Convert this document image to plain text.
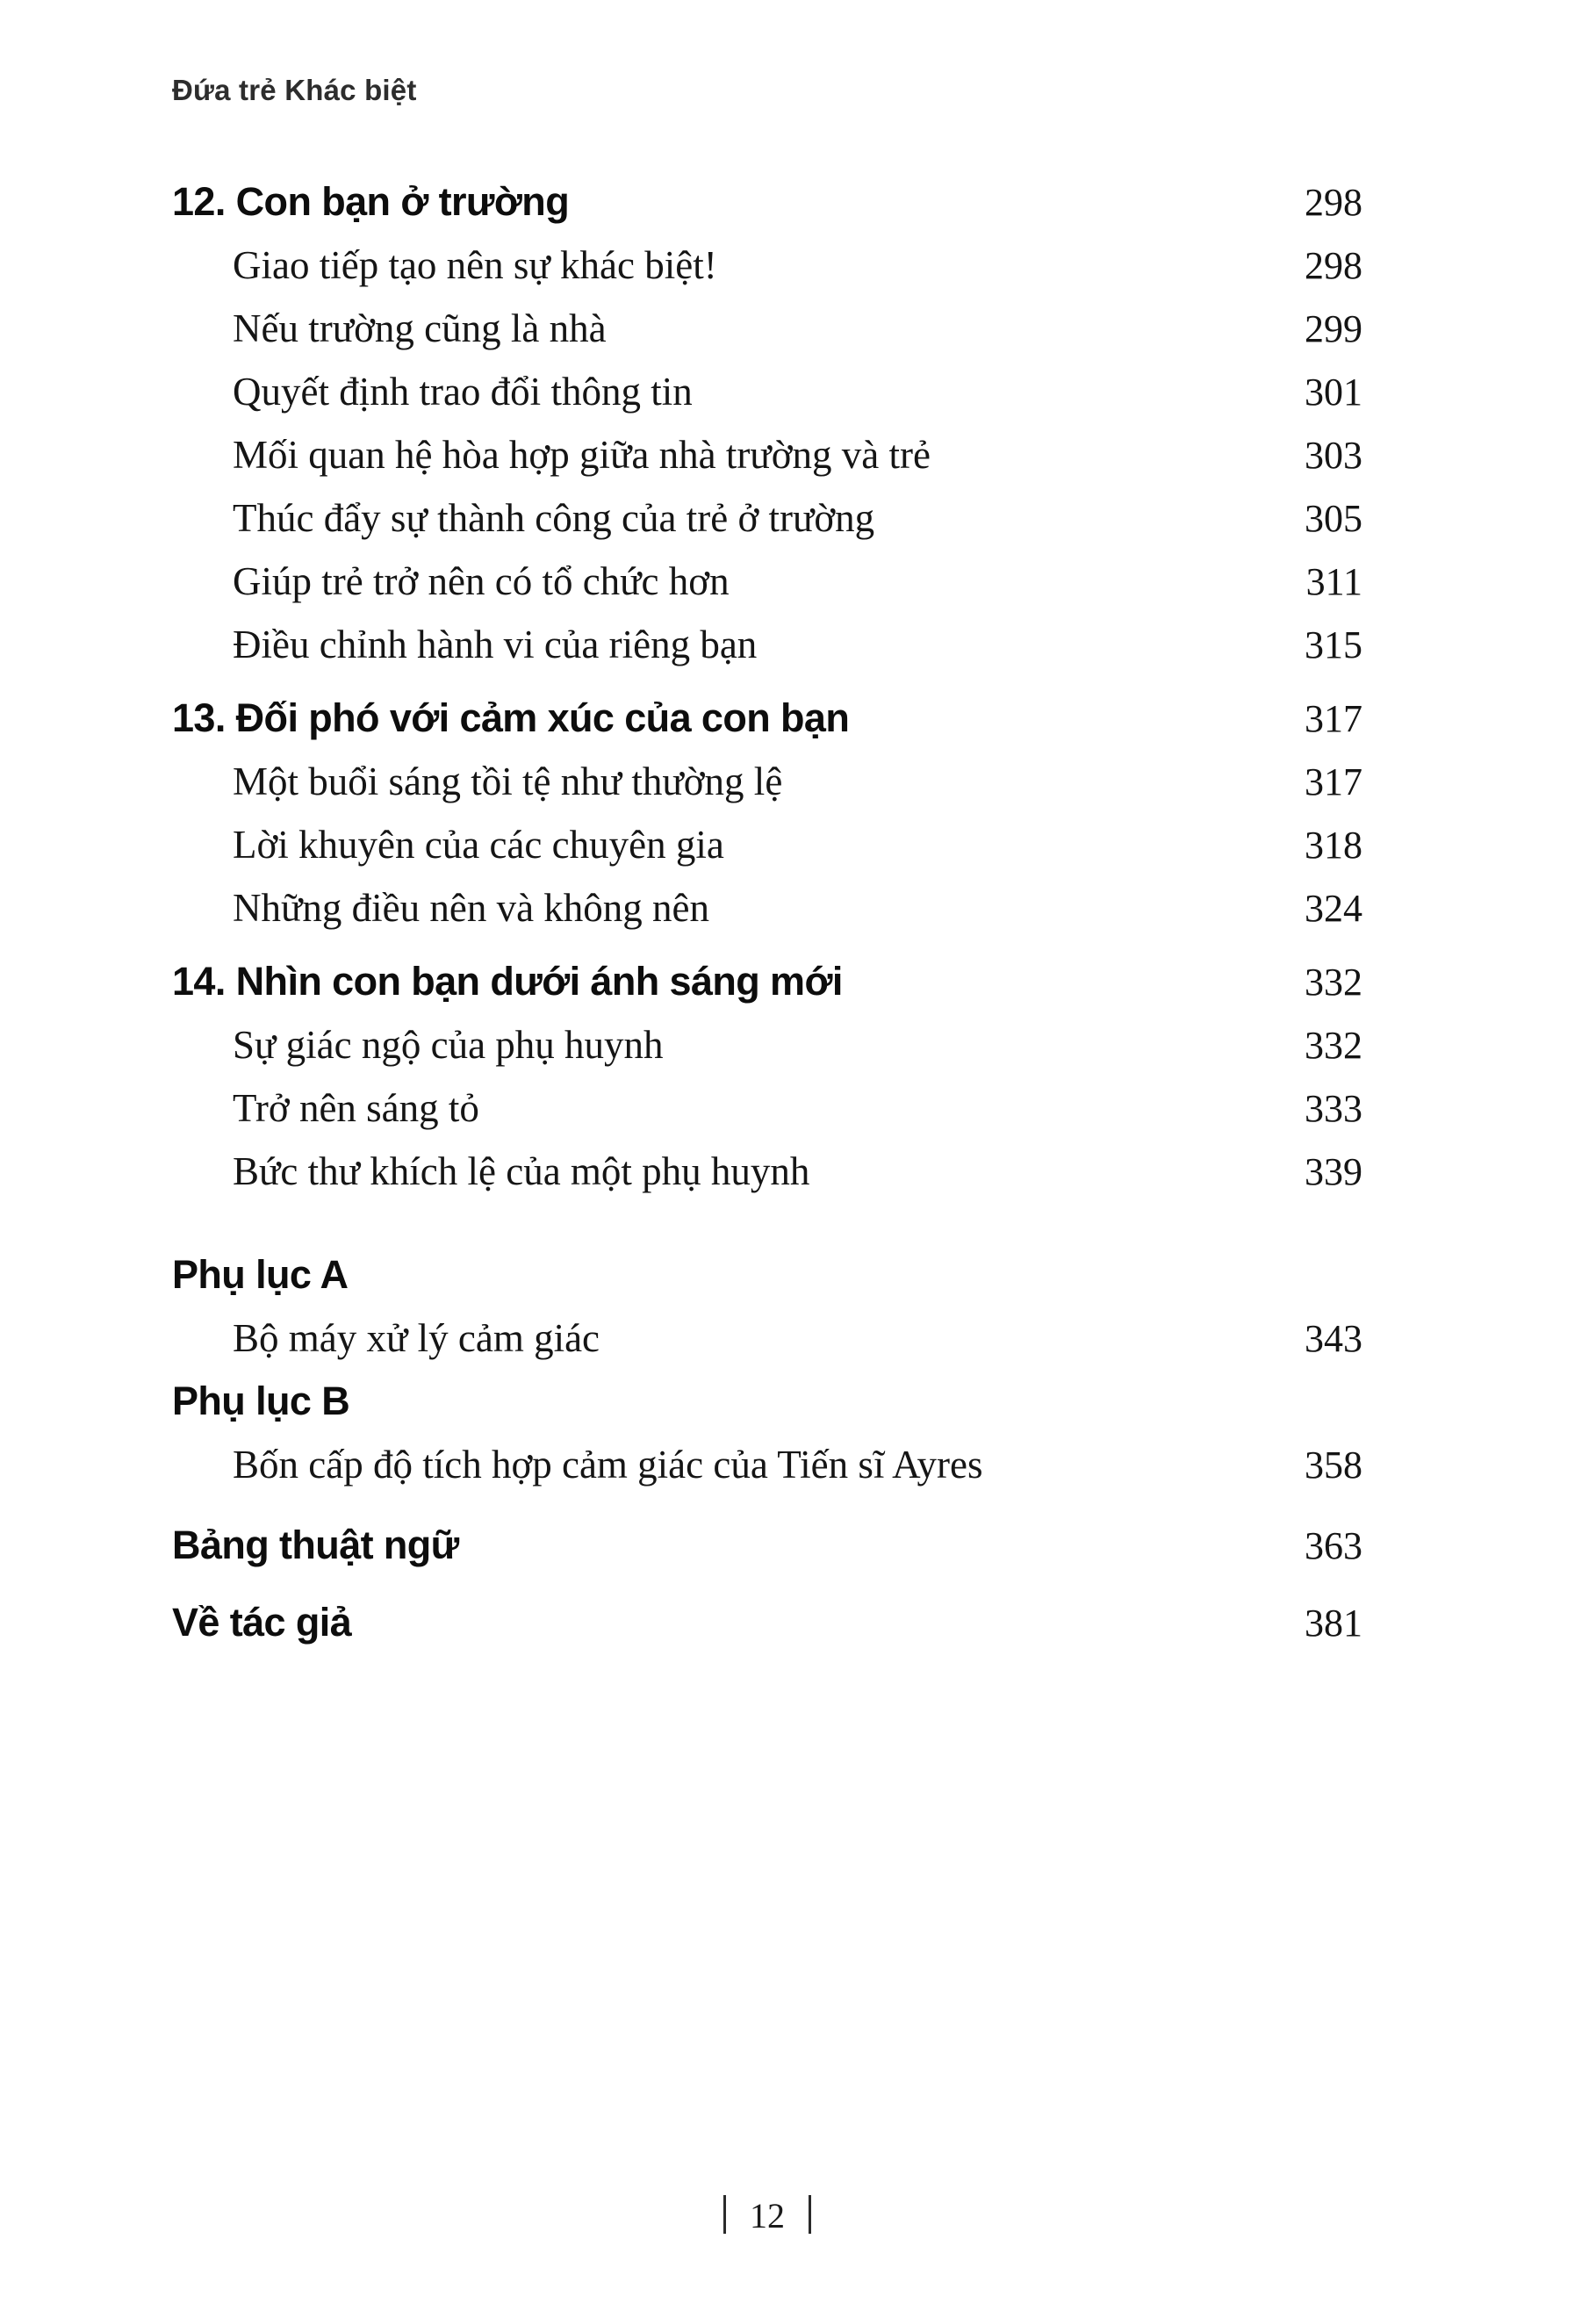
Đứa trẻ Khác biệt
12. Con bạn ở trường	298
Giao tiếp tạo nên sự khác biệt!	298
Nếu trường cũng là nhà	299
Quyết định trao đổi thông tin	301
Mối quan hệ hòa hợp giữa nhà trường và trẻ	303
Thúc đẩy sự thành công của trẻ ở trường	305
Giúp trẻ trở nên có tổ chức hơn	311
Điều chỉnh hành vi của riêng bạn	315
13. Đối phó với cảm xúc của con bạn	317
Một buổi sáng tồi tệ như thường lệ	317
Lời khuyên của các chuyên gia	318
Những điều nên và không nên	324
14. Nhìn con bạn dưới ánh sáng mới	332
Sự giác ngộ của phụ huynh	332
Trở nên sáng tỏ	333
Bức thư khích lệ của một phụ huynh	339
Phụ lục A
Bộ máy xử lý cảm giác	343
Phụ lục B
Bốn cấp độ tích hợp cảm giác của Tiến sĩ Ayres	358
Bảng thuật ngữ	363
Về tác giả	381
12
